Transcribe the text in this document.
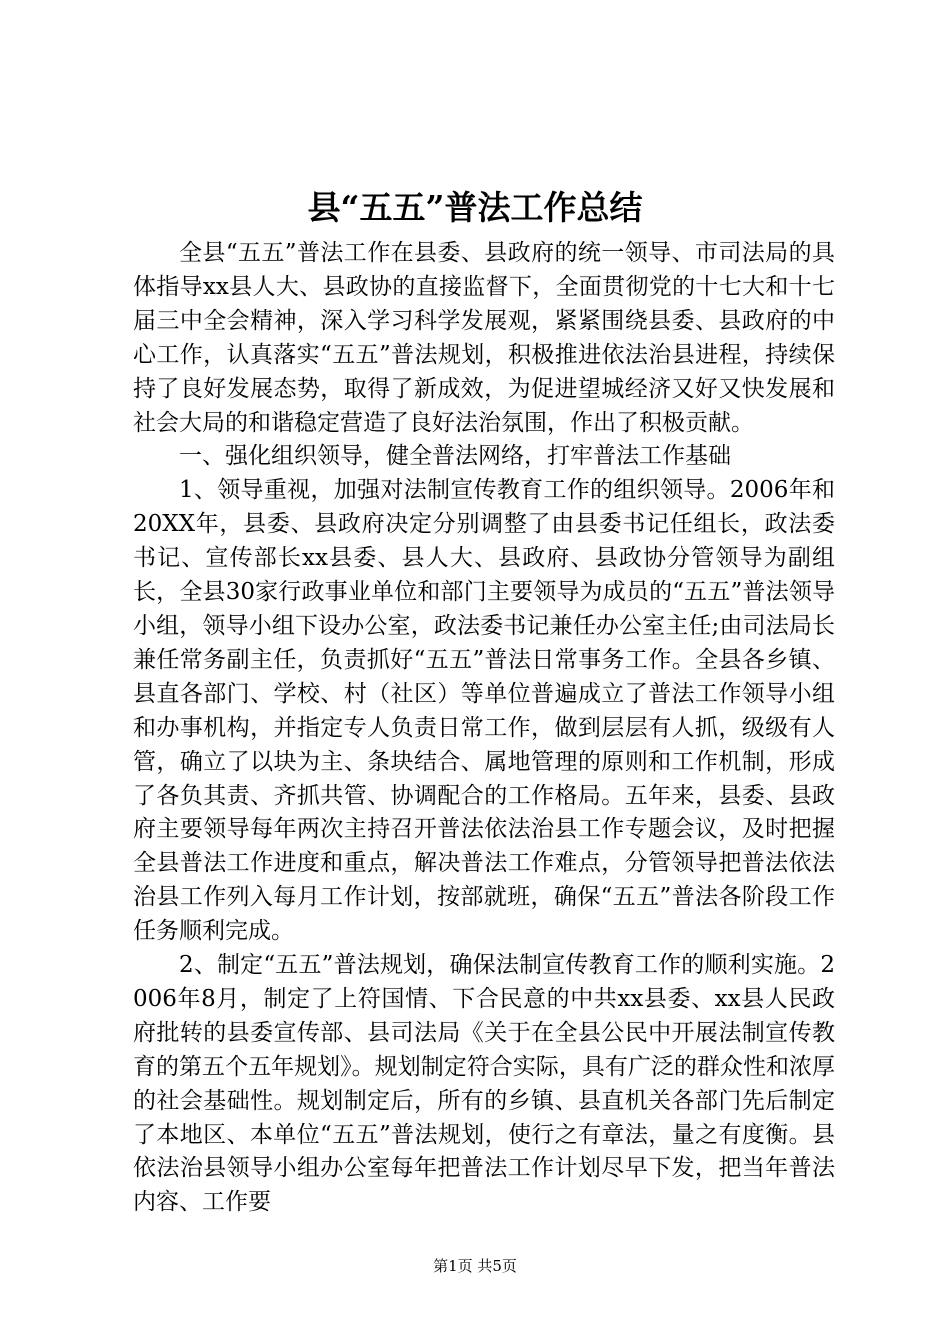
县“五五”普法工作总结

全县“五五”普法工作在县委、县政府的统一领导、市司法局的具体指导xx县人大、县政协的直接监督下，全面贯彻党的十七大和十七届三中全会精神，深入学习科学发展观，紧紧围绕县委、县政府的中心工作，认真落实“五五”普法规划，积极推进依法治县进程，持续保持了良好发展态势，取得了新成效，为促进望城经济又好又快发展和社会大局的和谐稳定营造了良好法治氛围，作出了积极贡献。

一、强化组织领导，健全普法网络，打牢普法工作基础

1、领导重视，加强对法制宣传教育工作的组织领导。2006年和20XX年，县委、县政府决定分别调整了由县委书记任组长，政法委书记、宣传部长xx县委、县人大、县政府、县政协分管领导为副组长，全县30家行政事业单位和部门主要领导为成员的“五五”普法领导小组，领导小组下设办公室，政法委书记兼任办公室主任;由司法局长兼任常务副主任，负责抓好“五五”普法日常事务工作。全县各乡镇、县直各部门、学校、村（社区）等单位普遍成立了普法工作领导小组和办事机构，并指定专人负责日常工作，做到层层有人抓，级级有人管，确立了以块为主、条块结合、属地管理的原则和工作机制，形成了各负其责、齐抓共管、协调配合的工作格局。五年来，县委、县政府主要领导每年两次主持召开普法依法治县工作专题会议，及时把握全县普法工作进度和重点，解决普法工作难点，分管领导把普法依法治县工作列入每月工作计划，按部就班，确保“五五”普法各阶段工作任务顺利完成。

2、制定“五五”普法规划，确保法制宣传教育工作的顺利实施。2006年8月，制定了上符国情、下合民意的中共xx县委、xx县人民政府批转的县委宣传部、县司法局《关于在全县公民中开展法制宣传教育的第五个五年规划》。规划制定符合实际，具有广泛的群众性和浓厚的社会基础性。规划制定后，所有的乡镇、县直机关各部门先后制定了本地区、本单位“五五”普法规划，使行之有章法，量之有度衡。县依法治县领导小组办公室每年把普法工作计划尽早下发，把当年普法内容、工作要

第1页 共5页
